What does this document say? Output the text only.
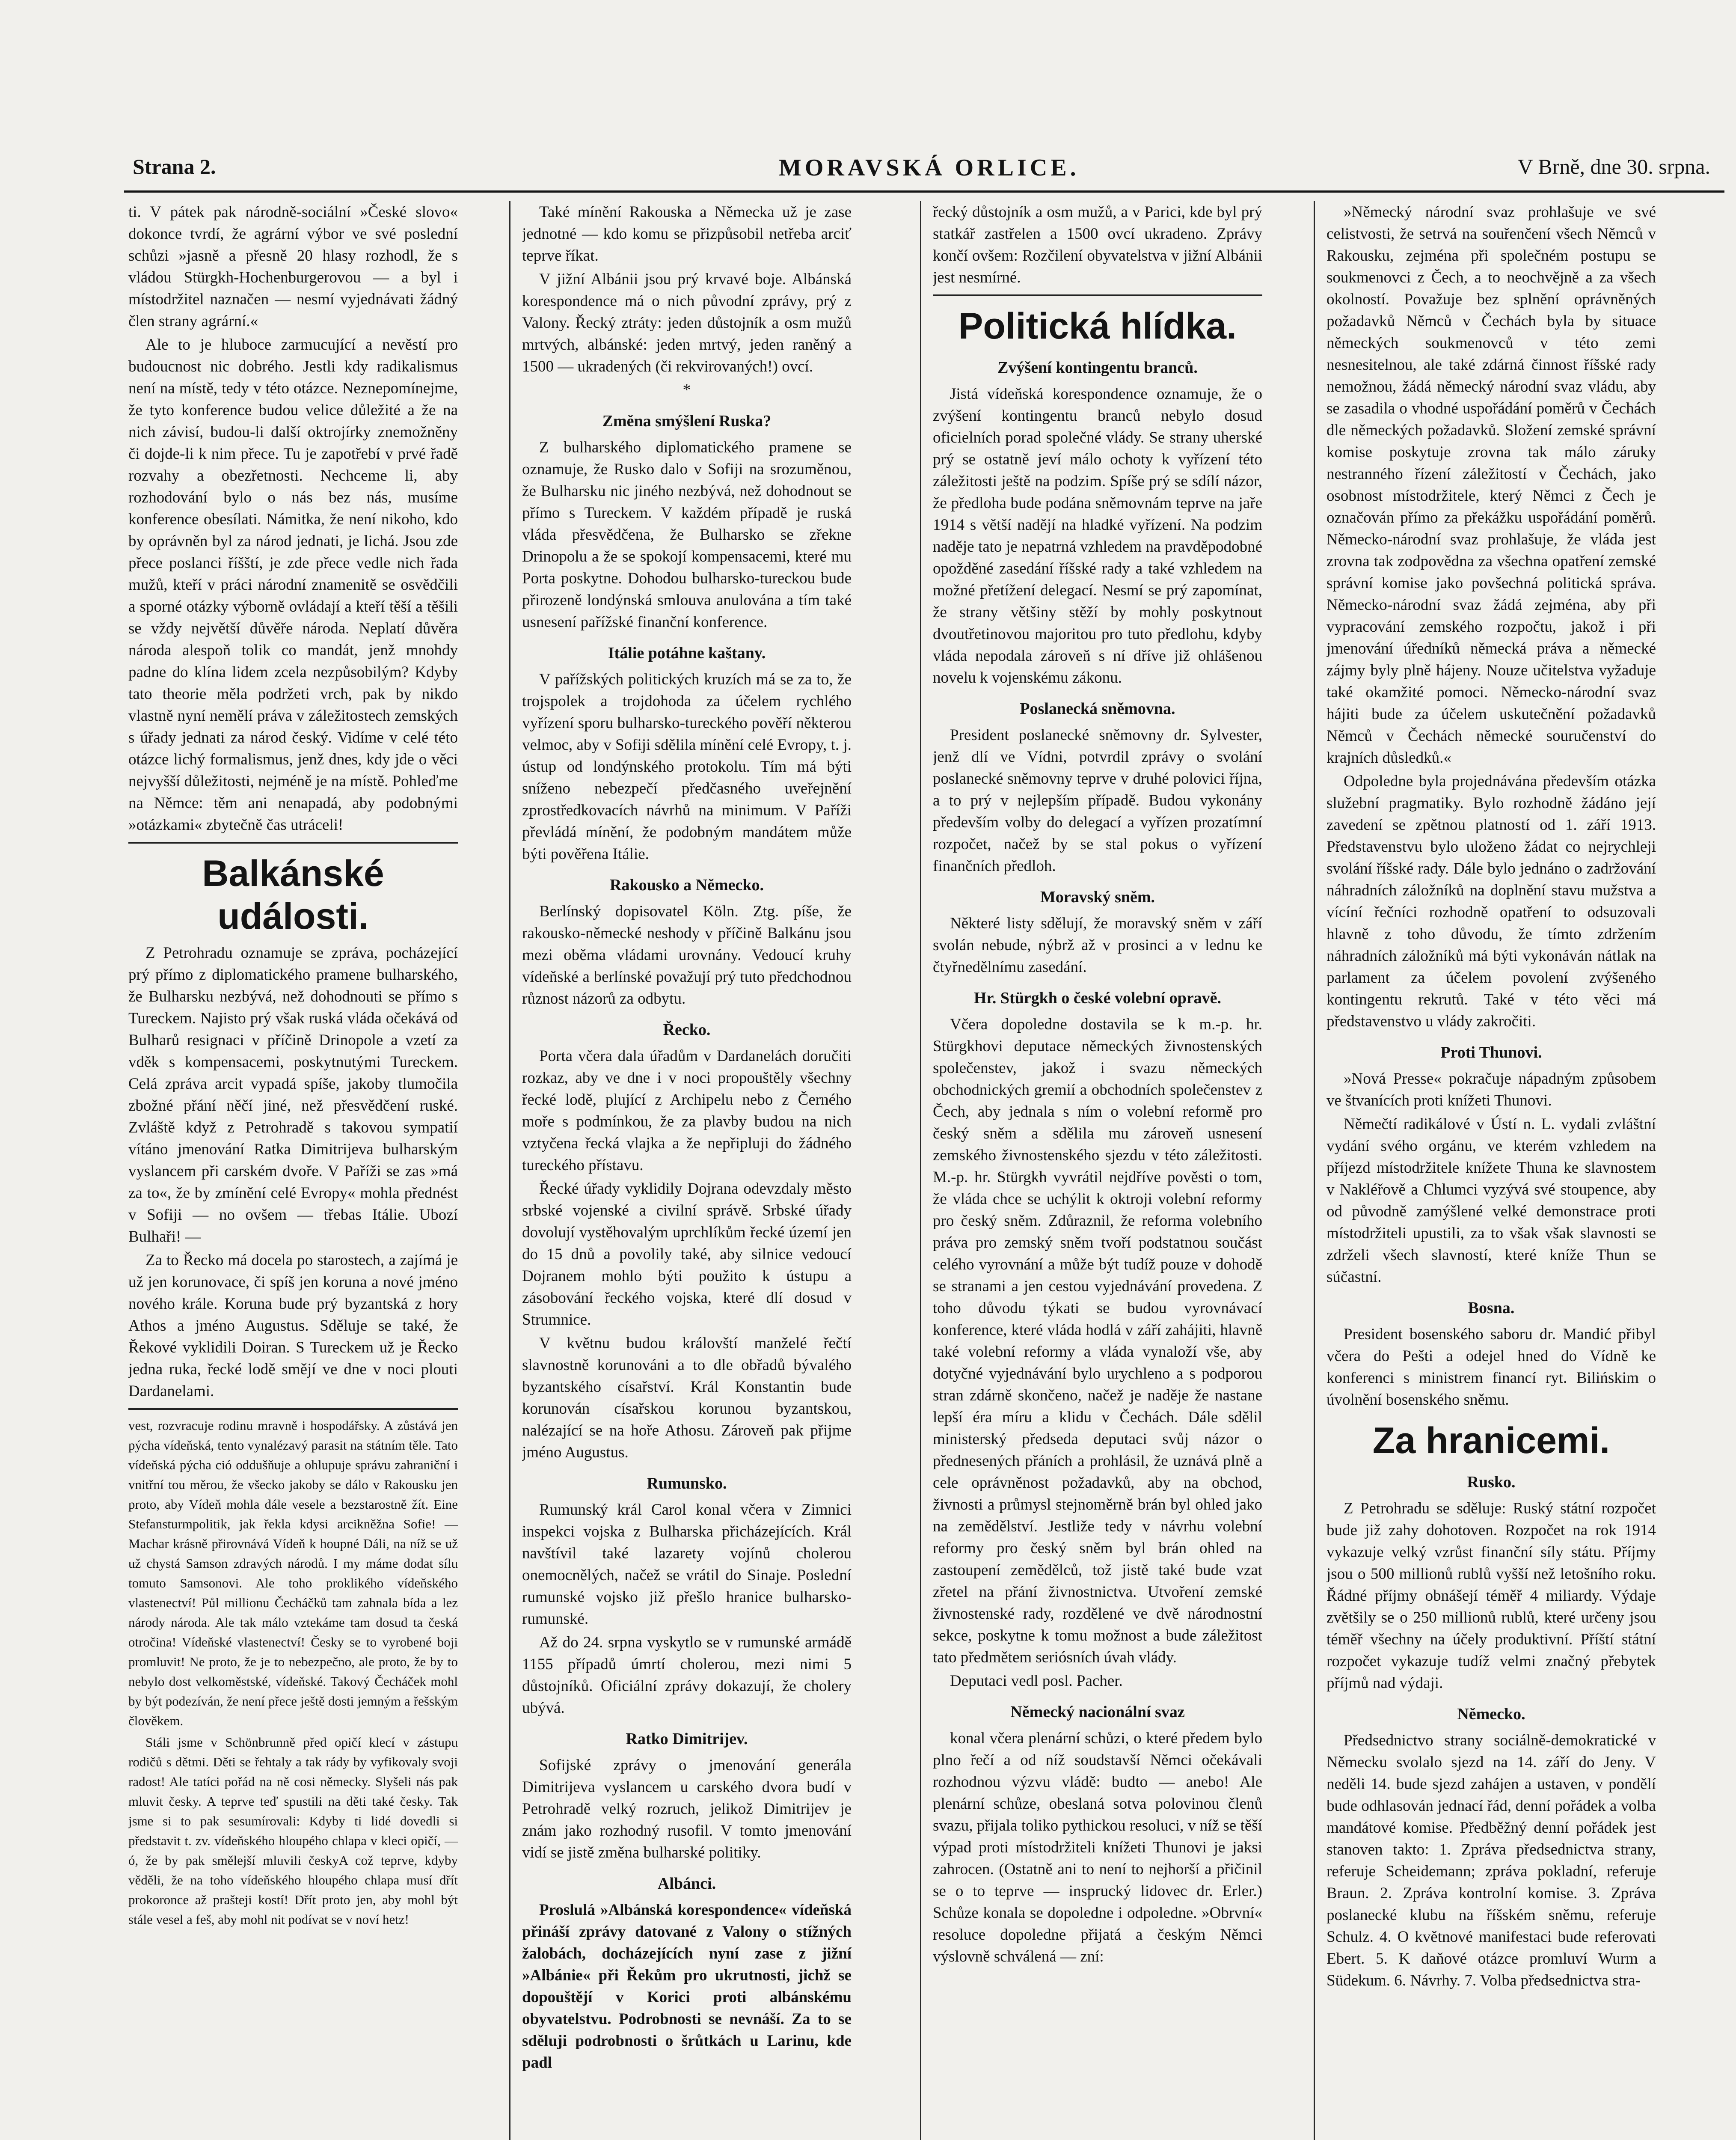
Strana 2.	MORAVSKÁ ORLICE.	V Brně, dne 30. srpna.

ti. V pátek pak národně-sociální »České slovo« dokonce tvrdí, že agrární výbor ve své poslední schůzi »jasně a přesně 20 hlasy rozhodl, že s vládou Stürgkh-Hochenburgerovou — a byl i místodržitel naznačen — nesmí vyjednávati žádný člen strany agrární.«

Ale to je hluboce zarmucující a nevěstí pro budoucnost nic dobrého. Jestli kdy radikalismus není na místě, tedy v této otázce. Neznepomínejme, že tyto konference budou velice důležité a že na nich závisí, budou-li další oktrojírky znemožněny či dojde-li k nim přece. Tu je zapotřebí v prvé řadě rozvahy a obezřetnosti. Nechceme li, aby rozhodování bylo o nás bez nás, musíme konference obesílati. Námitka, že není nikoho, kdo by oprávněn byl za národ jednati, je lichá. Jsou zde přece poslanci říšští, je zde přece vedle nich řada mužů, kteří v práci národní znamenitě se osvědčili a sporné otázky výborně ovládají a kteří těší a těšili se vždy největší důvěře národa. Neplatí důvěra národa alespoň tolik co mandát, jenž mnohdy padne do klína lidem zcela nezpůsobilým? Kdyby tato theorie měla podržeti vrch, pak by nikdo vlastně nyní nemělí práva v záležitostech zemských s úřady jednati za národ český. Vidíme v celé této otázce lichý formalismus, jenž dnes, kdy jde o věci nejvyšší důležitosti, nejméně je na místě. Pohleďme na Němce: těm ani nenapadá, aby podobnými »otázkami« zbytečně čas utráceli!

Balkánské události.

Z Petrohradu oznamuje se zpráva, pocházející prý přímo z diplomatického pramene bulharského, že Bulharsku nezbývá, než dohodnouti se přímo s Tureckem. Najisto prý však ruská vláda očekává od Bulharů resignaci v příčině Drinopole a vzetí za vděk s kompensacemi, poskytnutými Tureckem. Celá zpráva arcit vypadá spíše, jakoby tlumočila zbožné přání něčí jiné, než přesvědčení ruské. Zvláště když z Petrohradě s takovou sympatií vítáno jmenování Ratka Dimitrijeva bulharským vyslancem při carském dvoře. V Paříži se zas »má za to«, že by zmínění celé Evropy« mohla přednést v Sofiji — no ovšem — třebas Itálie. Ubozí Bulhaři! —

Za to Řecko má docela po starostech, a zajímá je už jen korunovace, či spíš jen koruna a nové jméno nového krále. Koruna bude prý byzantská z hory Athos a jméno Augustus. Sděluje se také, že Řekové vyklidili Doiran. S Tureckem už je Řecko jedna ruka, řecké lodě smějí ve dne v noci plouti Dardanelami.

vest, rozvracuje rodinu mravně i hospodářsky. A zůstává jen pýcha vídeňská, tento vynalézavý parasit na státním těle. Tato vídeňská pýcha ció oddušňuje a ohlupuje správu zahraniční i vnitřní tou měrou, že všecko jakoby se dálo v Rakousku jen proto, aby Vídeň mohla dále vesele a bezstarostně žít. Eine Stefansturmpolitik, jak řekla kdysi arcikněžna Sofie! — Machar krásně přirovnává Vídeň k houpné Dáli, na níž se už už chystá Samson zdravých národů. I my máme dodat sílu tomuto Samsonovi. Ale toho proklikého vídeňského vlastenectví! Půl millionu Čecháčků tam zahnala bída a lez národy národa. Ale tak málo vztekáme tam dosud ta česká otročina! Vídeňské vlastenectví! Česky se to vyrobené boji promluvit! Ne proto, že je to nebezpečno, ale proto, že by to nebylo dost velkoměstské, vídeňské. Takový Čecháček mohl by být podezíván, že není přece ještě dosti jemným a řešským člověkem.

Stáli jsme v Schönbrunně před opičí klecí v zástupu rodičů s dětmi. Děti se řehtaly a tak rády by vyfikovaly svoji radost! Ale tatíci pořád na ně cosi německy. Slyšeli nás pak mluvit česky. A teprve teď spustili na děti také česky. Tak jsme si to pak sesumírovali: Kdyby ti lidé dovedli si představit t. zv. vídeňského hloupého chlapa v kleci opičí, — ó, že by pak smělejší mluvili českyA což teprve, kdyby věděli, že na toho vídeňského hloupého chlapa musí dřít prokoronce až prašteji kostí! Dřít proto jen, aby mohl být stále vesel a feš, aby mohl nit podívat se v noví hetz!

Také mínění Rakouska a Německa už je zase jednotné — kdo komu se přizpůsobil netřeba arciť teprve říkat.

V jižní Albánii jsou prý krvavé boje. Albánská korespondence má o nich původní zprávy, prý z Valony. Řecký ztráty: jeden důstojník a osm mužů mrtvých, albánské: jeden mrtvý, jeden raněný a 1500 — ukradených (či rekvirovaných!) ovcí.

*
Změna smýšlení Ruska?

Z bulharského diplomatického pramene se oznamuje, že Rusko dalo v Sofiji na srozuměnou, že Bulharsku nic jiného nezbývá, než dohodnout se přímo s Tureckem. V každém případě je ruská vláda přesvědčena, že Bulharsko se zřekne Drinopolu a že se spokojí kompensacemi, které mu Porta poskytne. Dohodou bulharsko-tureckou bude přirozeně londýnská smlouva anulována a tím také usnesení pařížské finanční konference.

Itálie potáhne kaštany.

V pařížských politických kruzích má se za to, že trojspolek a trojdohoda za účelem rychlého vyřízení sporu bulharsko-tureckého pověří některou velmoc, aby v Sofiji sdělila mínění celé Evropy, t. j. ústup od londýnského protokolu. Tím má býti sníženo nebezpečí předčasného uveřejnění zprostředkovacích návrhů na minimum. V Paříži převládá mínění, že podobným mandátem může býti pověřena Itálie.

Rakousko a Německo.

Berlínský dopisovatel Köln. Ztg. píše, že rakousko-německé neshody v příčině Balkánu jsou mezi oběma vládami urovnány. Vedoucí kruhy vídeňské a berlínské považují prý tuto předchodnou různost názorů za odbytu.

Řecko.

Porta včera dala úřadům v Dardanelách doručiti rozkaz, aby ve dne i v noci propouštěly všechny řecké lodě, plující z Archipelu nebo z Černého moře s podmínkou, že za plavby budou na nich vztyčena řecká vlajka a že nepřipluji do žádného tureckého přístavu.

Řecké úřady vyklidily Dojrana odevzdaly město srbské vojenské a civilní správě. Srbské úřady dovolují vystěhovalým uprchlíkům řecké území jen do 15 dnů a povolily také, aby silnice vedoucí Dojranem mohlo býti použito k ústupu a zásobování řeckého vojska, které dlí dosud v Strumnice.

V květnu budou královští manželé řečtí slavnostně korunováni a to dle obřadů bývalého byzantského císařství. Král Konstantin bude korunován císařskou korunou byzantskou, nalézající se na hoře Athosu. Zároveň pak přijme jméno Augustus.

Rumunsko.

Rumunský král Carol konal včera v Zimnici inspekci vojska z Bulharska přicházejících. Král navštívil také lazarety vojínů cholerou onemocnělých, načež se vrátil do Sinaje. Poslední rumunské vojsko již přešlo hranice bulharsko-rumunské.

Až do 24. srpna vyskytlo se v rumunské armádě 1155 případů úmrtí cholerou, mezi nimi 5 důstojníků. Oficiální zprávy dokazují, že cholery ubývá.

Ratko Dimitrijev.

Sofijské zprávy o jmenování generála Dimitrijeva vyslancem u carského dvora budí v Petrohradě velký rozruch, jelikož Dimitrijev je znám jako rozhodný rusofil. V tomto jmenování vidí se jistě změna bulharské politiky.

Albánci.

Proslulá »Albánská korespondence« vídeňská přináší zprávy datované z Valony o stížných žalobách, docházejících nyní zase z jižní »Albánie« při Řekům pro ukrutnosti, jichž se dopouštějí v Korici proti albánskému obyvatelstvu. Podrobnosti se nevnáší. Za to se sděluji podrobnosti o šrůtkách u Larinu, kde padl

řecký důstojník a osm mužů, a v Parici, kde byl prý statkář zastřelen a 1500 ovcí ukradeno. Zprávy končí ovšem: Rozčilení obyvatelstva v jižní Albánii jest nesmírné.

Politická hlídka.
Zvýšení kontingentu branců.

Jistá vídeňská korespondence oznamuje, že o zvýšení kontingentu branců nebylo dosud oficielních porad společné vlády. Se strany uherské prý se ostatně jeví málo ochoty k vyřízení této záležitosti ještě na podzim. Spíše prý se sdílí názor, že předloha bude podána sněmovnám teprve na jaře 1914 s větší nadějí na hladké vyřízení. Na podzim naděje tato je nepatrná vzhledem na pravděpodobné opožděné zasedání říšské rady a také vzhledem na možné přetížení delegací. Nesmí se prý zapomínat, že strany většiny stěží by mohly poskytnout dvoutřetinovou majoritou pro tuto předlohu, kdyby vláda nepodala zároveň s ní dříve již ohlášenou novelu k vojenskému zákonu.

Poslanecká sněmovna.

President poslanecké sněmovny dr. Sylvester, jenž dlí ve Vídni, potvrdil zprávy o svolání poslanecké sněmovny teprve v druhé polovici října, a to prý v nejlepším případě. Budou vykonány především volby do delegací a vyřízen prozatímní rozpočet, načež by se stal pokus o vyřízení finančních předloh.

Moravský sněm.

Některé listy sdělují, že moravský sněm v září svolán nebude, nýbrž až v prosinci a v lednu ke čtyřnedělnímu zasedání.

Hr. Stürgkh o české volební opravě.

Včera dopoledne dostavila se k m.-p. hr. Stürgkhovi deputace německých živnostenských společenstev, jakož i svazu německých obchodnických gremií a obchodních společenstev z Čech, aby jednala s ním o volební reformě pro český sněm a sdělila mu zároveň usnesení zemského živnostenského sjezdu v této záležitosti. M.-p. hr. Stürgkh vyvrátil nejdříve pověsti o tom, že vláda chce se uchýlit k oktroji volební reformy pro český sněm. Zdůraznil, že reforma volebního práva pro zemský sněm tvoří podstatnou součást celého vyrovnání a může být tudíž pouze v dohodě se stranami a jen cestou vyjednávání provedena. Z toho důvodu týkati se budou vyrovnávací konference, které vláda hodlá v září zahájiti, hlavně také volební reformy a vláda vynaloží vše, aby dotyčné vyjednávání bylo urychleno a s podporou stran zdárně skončeno, načež je naděje že nastane lepší éra míru a klidu v Čechách. Dále sdělil ministerský předseda deputaci svůj názor o přednesených přáních a prohlásil, že uznává plně a cele oprávněnost požadavků, aby na obchod, živnosti a průmysl stejnoměrně brán byl ohled jako na zemědělství. Jestliže tedy v návrhu volební reformy pro český sněm byl brán ohled na zastoupení zemědělců, tož jistě také bude vzat zřetel na přání živnostnictva. Utvoření zemské živnostenské rady, rozdělené ve dvě národnostní sekce, poskytne k tomu možnost a bude záležitost tato předmětem seriósních úvah vlády.

Deputaci vedl posl. Pacher.

Německý nacionální svaz

konal včera plenární schůzi, o které předem bylo plno řečí a od níž soudstavší Němci očekávali rozhodnou výzvu vládě: budto — anebo! Ale plenární schůze, obeslaná sotva polovinou členů svazu, přijala toliko pythickou resoluci, v níž se těší výpad proti místodržiteli knížeti Thunovi je jaksi zahrocen. (Ostatně ani to není to nejhorší a přičinil se o to teprve — insprucký lidovec dr. Erler.) Schůze konala se dopoledne i odpoledne. »Obrvní« resoluce dopoledne přijatá a českým Němci výslovně schválená — zní:

»Německý národní svaz prohlašuje ve své celistvosti, že setrvá na souřenčení všech Němců v Rakousku, zejména při společném postupu se soukmenovci z Čech, a to neochvějně a za všech okolností. Považuje bez splnění oprávněných požadavků Němců v Čechách byla by situace německých soukmenovců v této zemi nesnesitelnou, ale také zdárná činnost říšské rady nemožnou, žádá německý národní svaz vládu, aby se zasadila o vhodné uspořádání poměrů v Čechách dle německých požadavků. Složení zemské správní komise poskytuje zrovna tak málo záruky nestranného řízení záležitostí v Čechách, jako osobnost místodržitele, který Němci z Čech je označován přímo za překážku uspořádání poměrů. Německo-národní svaz prohlašuje, že vláda jest zrovna tak zodpovědna za všechna opatření zemské správní komise jako povšechná politická správa. Německo-národní svaz žádá zejména, aby při vypracování zemského rozpočtu, jakož i při jmenování úředníků německá práva a německé zájmy byly plně hájeny. Nouze učitelstva vyžaduje také okamžité pomoci. Německo-národní svaz hájiti bude za účelem uskutečnění požadavků Němců v Čechách německé souručenství do krajních důsledků.«

Odpoledne byla projednávána především otázka služební pragmatiky. Bylo rozhodně žádáno její zavedení se zpětnou platností od 1. září 1913. Představenstvu bylo uloženo žádat co nejrychleji svolání říšské rady. Dále bylo jednáno o zadržování náhradních záložníků na doplnění stavu mužstva a vícíní řečníci rozhodně opatření to odsuzovali hlavně z toho důvodu, že tímto zdržením náhradních záložníků má býti vykonáván nátlak na parlament za účelem povolení zvýšeného kontingentu rekrutů. Také v této věci má představenstvo u vlády zakročiti.

Proti Thunovi.

»Nová Presse« pokračuje nápadným způsobem ve štvanících proti knížeti Thunovi.

Němečtí radikálové v Ústí n. L. vydali zvláštní vydání svého orgánu, ve kterém vzhledem na příjezd místodržitele knížete Thuna ke slavnostem v Nakléřově a Chlumci vyzývá své stoupence, aby od původně zamýšlené velké demonstrace proti místodržiteli upustili, za to však však slavnosti se zdrželi všech slavností, které kníže Thun se súčastní.

Bosna.

President bosenského saboru dr. Mandić přibyl včera do Pešti a odejel hned do Vídně ke konferenci s ministrem financí ryt. Bilińskim o úvolnění bosenského sněmu.

Za hranicemi.
Rusko.

Z Petrohradu se sděluje: Ruský státní rozpočet bude již zahy dohotoven. Rozpočet na rok 1914 vykazuje velký vzrůst finanční síly státu. Příjmy jsou o 500 millionů rublů vyšší než letošního roku. Řádné příjmy obnášejí téměř 4 miliardy. Výdaje zvětšily se o 250 millionů rublů, které určeny jsou téměř všechny na účely produktivní. Příští státní rozpočet vykazuje tudíž velmi značný přebytek příjmů nad výdaji.

Německo.

Předsednictvo strany sociálně-demokratické v Německu svolalo sjezd na 14. září do Jeny. V neděli 14. bude sjezd zahájen a ustaven, v pondělí bude odhlasován jednací řád, denní pořádek a volba mandátové komise. Předběžný denní pořádek jest stanoven takto: 1. Zpráva předsednictva strany, referuje Scheidemann; zpráva pokladní, referuje Braun. 2. Zpráva kontrolní komise. 3. Zpráva poslanecké klubu na říšském sněmu, referuje Schulz. 4. O květnové manifestaci bude referovati Ebert. 5. K daňové otázce promluví Wurm a Südekum. 6. Návrhy. 7. Volba předsednictva stra-
